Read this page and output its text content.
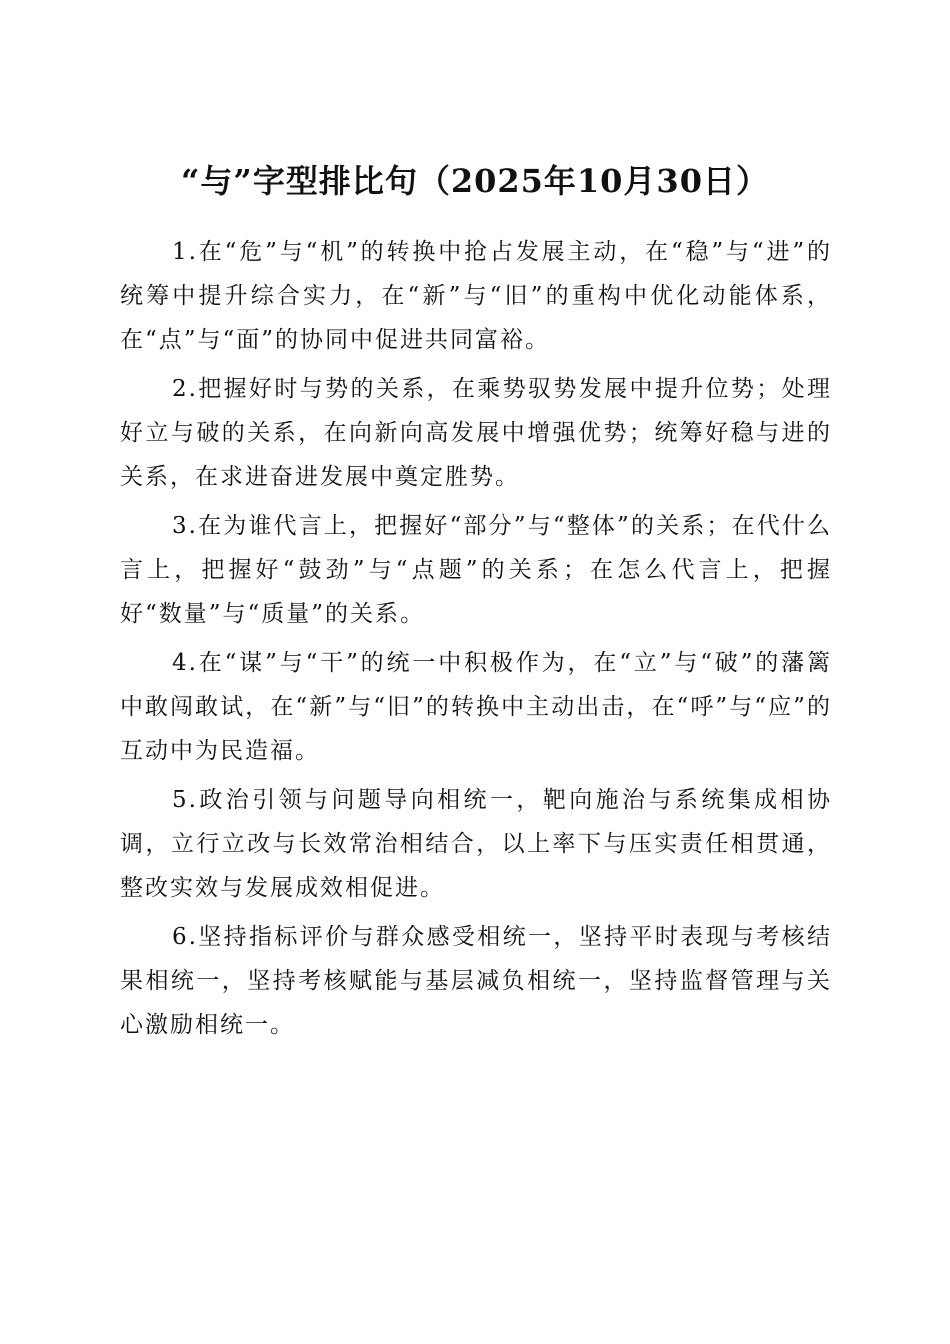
“与”字型排比句（2025年10月30日）

1.在“危”与“机”的转换中抢占发展主动，在“稳”与“进”的统筹中提升综合实力，在“新”与“旧”的重构中优化动能体系，在“点”与“面”的协同中促进共同富裕。

2.把握好时与势的关系，在乘势驭势发展中提升位势；处理好立与破的关系，在向新向高发展中增强优势；统筹好稳与进的关系，在求进奋进发展中奠定胜势。

3.在为谁代言上，把握好“部分”与“整体”的关系；在代什么言上，把握好“鼓劲”与“点题”的关系；在怎么代言上，把握好“数量”与“质量”的关系。

4.在“谋”与“干”的统一中积极作为，在“立”与“破”的藩篱中敢闯敢试，在“新”与“旧”的转换中主动出击，在“呼”与“应”的互动中为民造福。

5.政治引领与问题导向相统一，靶向施治与系统集成相协调，立行立改与长效常治相结合，以上率下与压实责任相贯通，整改实效与发展成效相促进。

6.坚持指标评价与群众感受相统一，坚持平时表现与考核结果相统一，坚持考核赋能与基层减负相统一，坚持监督管理与关心激励相统一。
